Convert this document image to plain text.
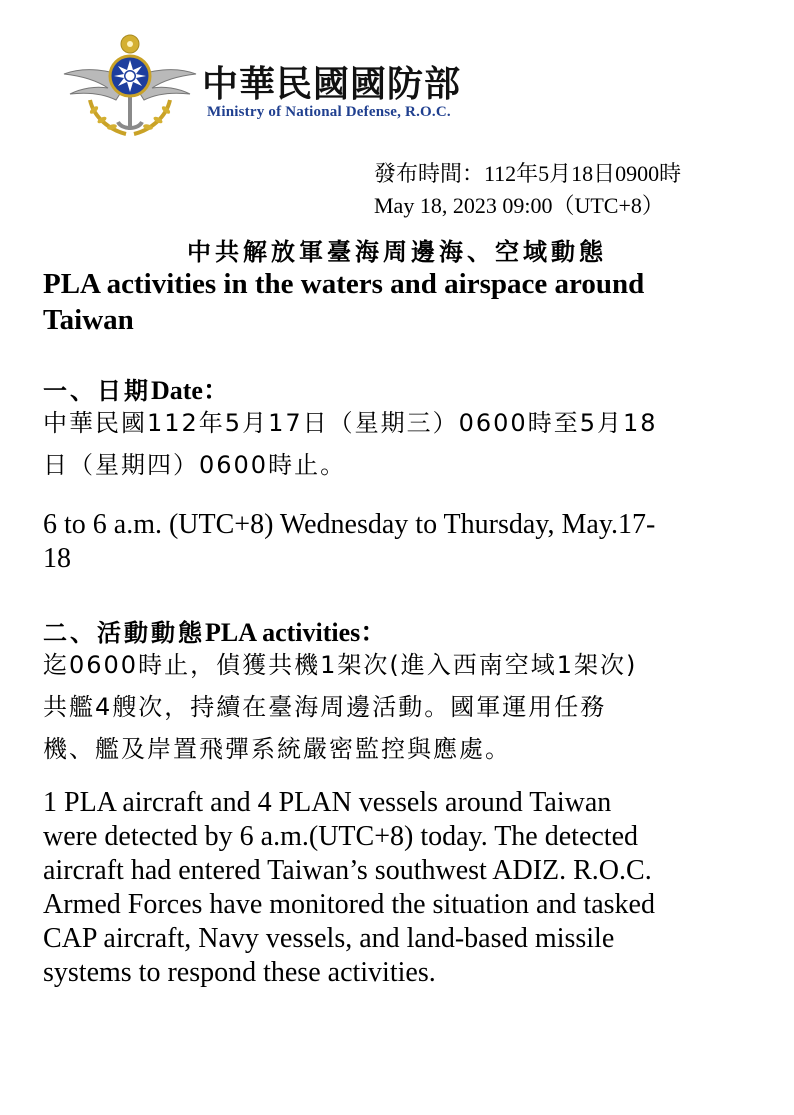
中華民國國防部
Ministry of National Defense, R.O.C.
發布時間：112年5月18日0900時
May 18, 2023 09:00（UTC+8）
中共解放軍臺海周邊海、空域動態
PLA activities in the waters and airspace around
Taiwan
一、日期Date：
中華民國112年5月17日（星期三）0600時至5月18
日（星期四）0600時止。
6 to 6 a.m. (UTC+8) Wednesday to Thursday, May.17-
18
二、活動動態PLA activities：
迄0600時止，偵獲共機1架次(進入西南空域1架次)
共艦4艘次，持續在臺海周邊活動。國軍運用任務
機、艦及岸置飛彈系統嚴密監控與應處。
1 PLA aircraft and 4 PLAN vessels around Taiwan
were detected by 6 a.m.(UTC+8) today. The detected
aircraft had entered Taiwan’s southwest ADIZ. R.O.C.
Armed Forces have monitored the situation and tasked
CAP aircraft, Navy vessels, and land-based missile
systems to respond these activities.
